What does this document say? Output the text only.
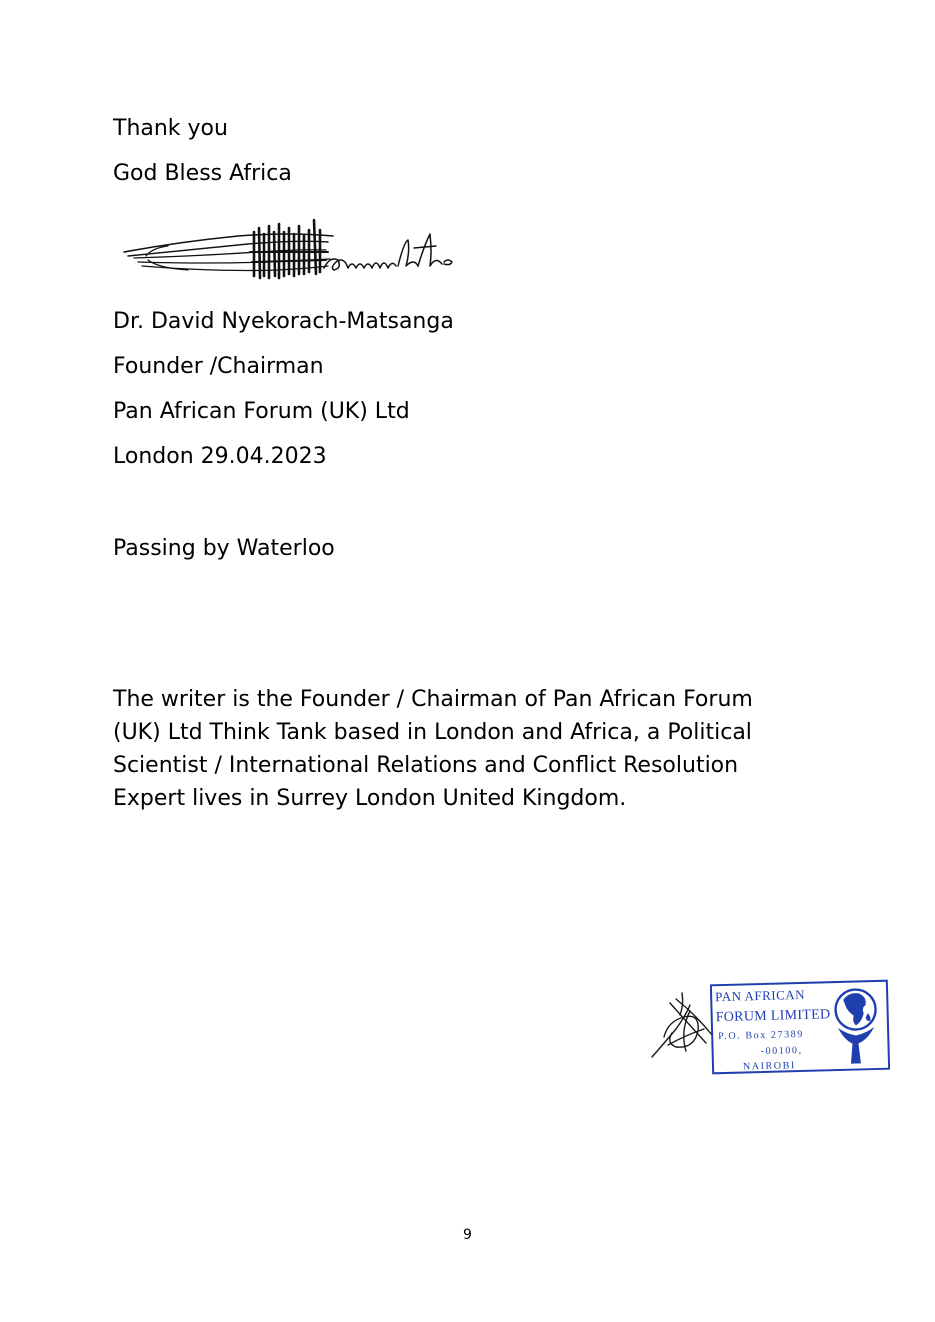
Thank you
God Bless Africa
Dr. David Nyekorach-Matsanga
Founder /Chairman
Pan African Forum (UK) Ltd
London 29.04.2023
Passing by Waterloo

The writer is the Founder / Chairman of Pan African Forum
(UK) Ltd Think Tank based in London and Africa, a Political
Scientist / International Relations and Conflict Resolution
Expert lives in Surrey London United Kingdom.

PAN AFRICAN
FORUM LIMITED
P.O. Box 27389
-00100,
NAIROBI
9
